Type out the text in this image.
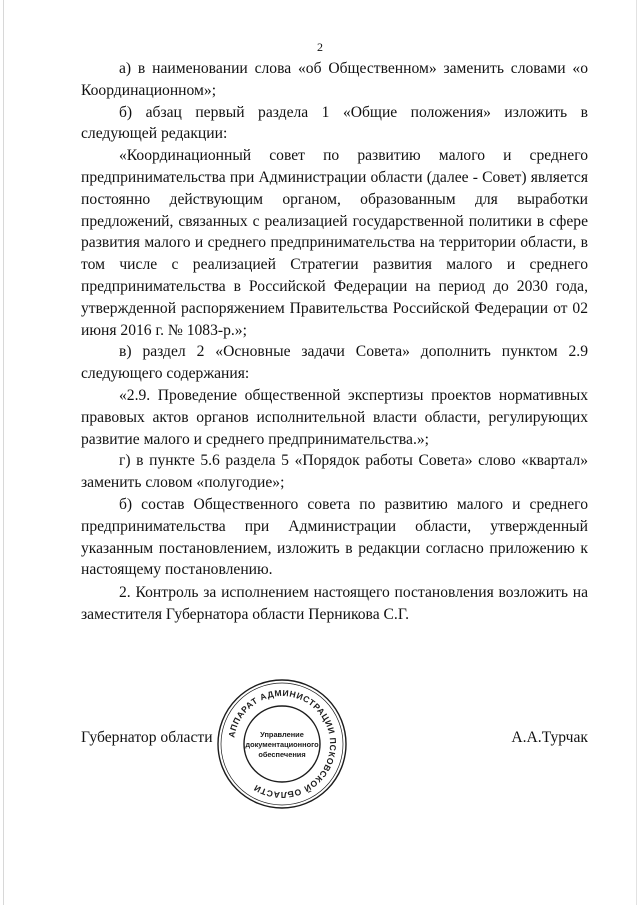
2

а) в наименовании слова «об Общественном» заменить словами «о Координационном»;

б) абзац первый раздела 1 «Общие положения» изложить в следующей редакции:

«Координационный совет по развитию малого и среднего предпринимательства при Администрации области (далее - Совет) является постоянно действующим органом, образованным для выработки предложений, связанных с реализацией государственной политики в сфере развития малого и среднего предпринимательства на территории области, в том числе с реализацией Стратегии развития малого и среднего предпринимательства в Российской Федерации на период до 2030 года, утвержденной распоряжением Правительства Российской Федерации от 02 июня 2016 г. № 1083-р.»;

в) раздел 2 «Основные задачи Совета» дополнить пунктом 2.9 следующего содержания:

«2.9. Проведение общественной экспертизы проектов нормативных правовых актов органов исполнительной власти области, регулирующих развитие малого и среднего предпринимательства.»;

г) в пункте 5.6 раздела 5 «Порядок работы Совета» слово «квартал» заменить словом «полугодие»;

б) состав Общественного совета по развитию малого и среднего предпринимательства при Администрации области, утвержденный указанным постановлением, изложить в редакции согласно приложению к настоящему постановлению.

2. Контроль за исполнением настоящего постановления возложить на заместителя Губернатора области Перникова С.Г.

Губернатор области	А.А.Турчак
АППАРАТ АДМИНИСТРАЦИИ ПСКОВСКОЙ ОБЛАСТИ
Управление
документационного
обеспечения
